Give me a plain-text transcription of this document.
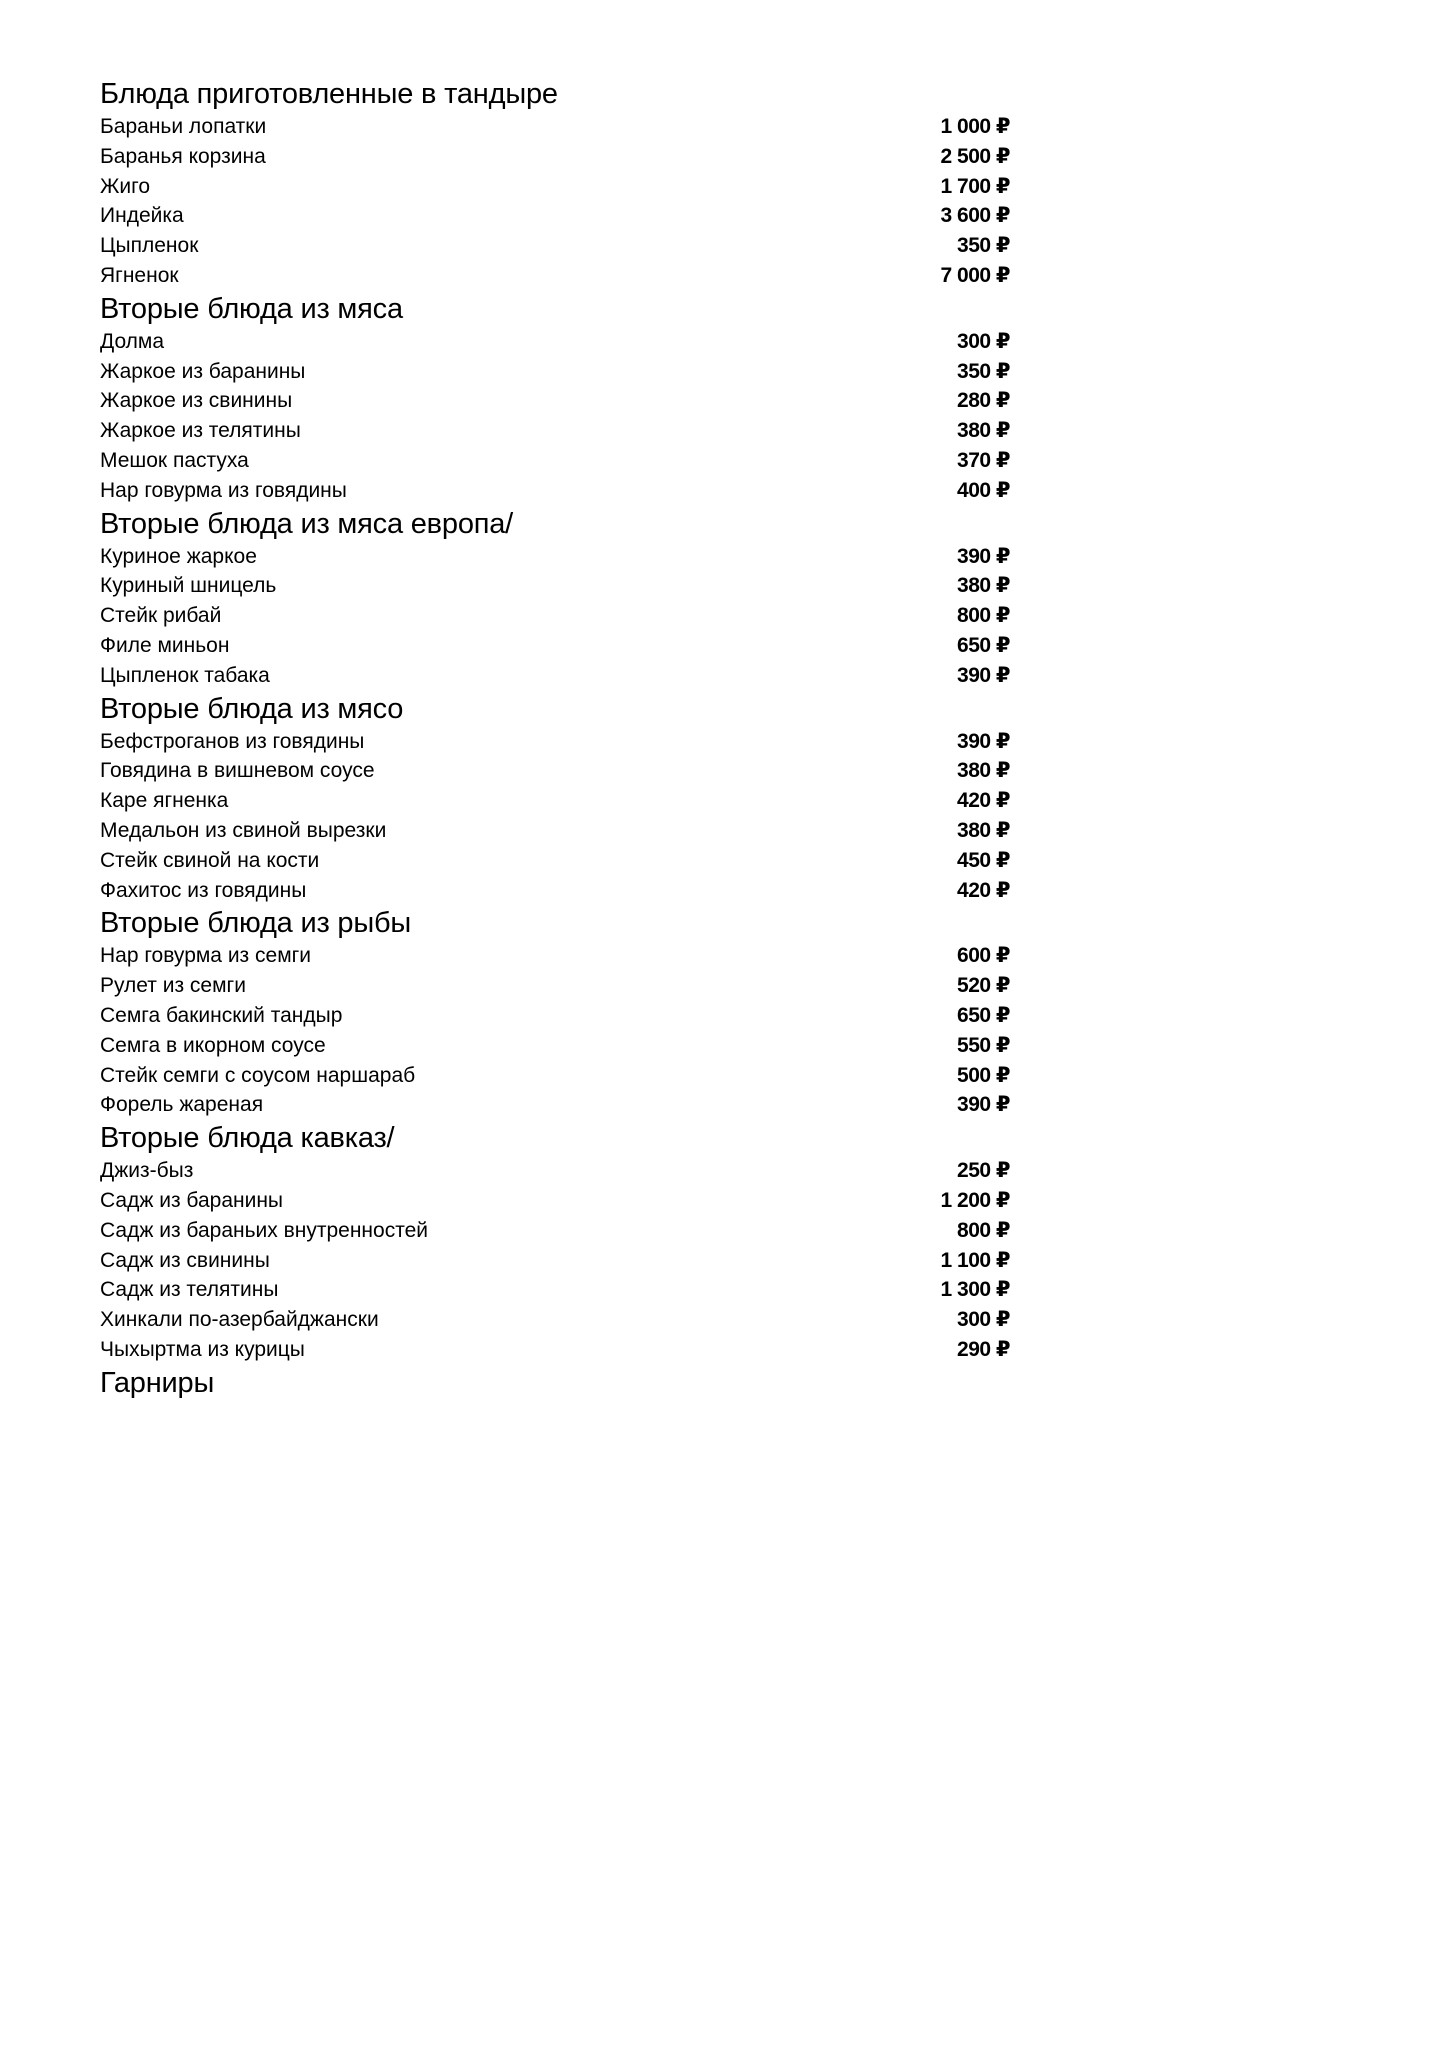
Блюда приготовленные в тандыре
Бараньи лопатки	1 000 ₽
Баранья корзина	2 500 ₽
Жиго	1 700 ₽
Индейка	3 600 ₽
Цыпленок	350 ₽
Ягненок	7 000 ₽
Вторые блюда из мяса
Долма	300 ₽
Жаркое из баранины	350 ₽
Жаркое из свинины	280 ₽
Жаркое из телятины	380 ₽
Мешок пастуха	370 ₽
Нар говурма из говядины	400 ₽
Вторые блюда из мяса европа/
Куриное жаркое	390 ₽
Куриный шницель	380 ₽
Стейк рибай	800 ₽
Филе миньон	650 ₽
Цыпленок табака	390 ₽
Вторые блюда из мясо
Бефстроганов из говядины	390 ₽
Говядина в вишневом соусе	380 ₽
Каре ягненка	420 ₽
Медальон из свиной вырезки	380 ₽
Стейк свиной на кости	450 ₽
Фахитос из говядины	420 ₽
Вторые блюда из рыбы
Нар говурма из семги	600 ₽
Рулет из семги	520 ₽
Семга бакинский тандыр	650 ₽
Семга в икорном соусе	550 ₽
Стейк семги с соусом наршараб	500 ₽
Форель жареная	390 ₽
Вторые блюда кавказ/
Джиз-быз	250 ₽
Садж из баранины	1 200 ₽
Садж из бараньих внутренностей	800 ₽
Садж из свинины	1 100 ₽
Садж из телятины	1 300 ₽
Хинкали по-азербайджански	300 ₽
Чыхыртма из курицы	290 ₽
Гарниры
